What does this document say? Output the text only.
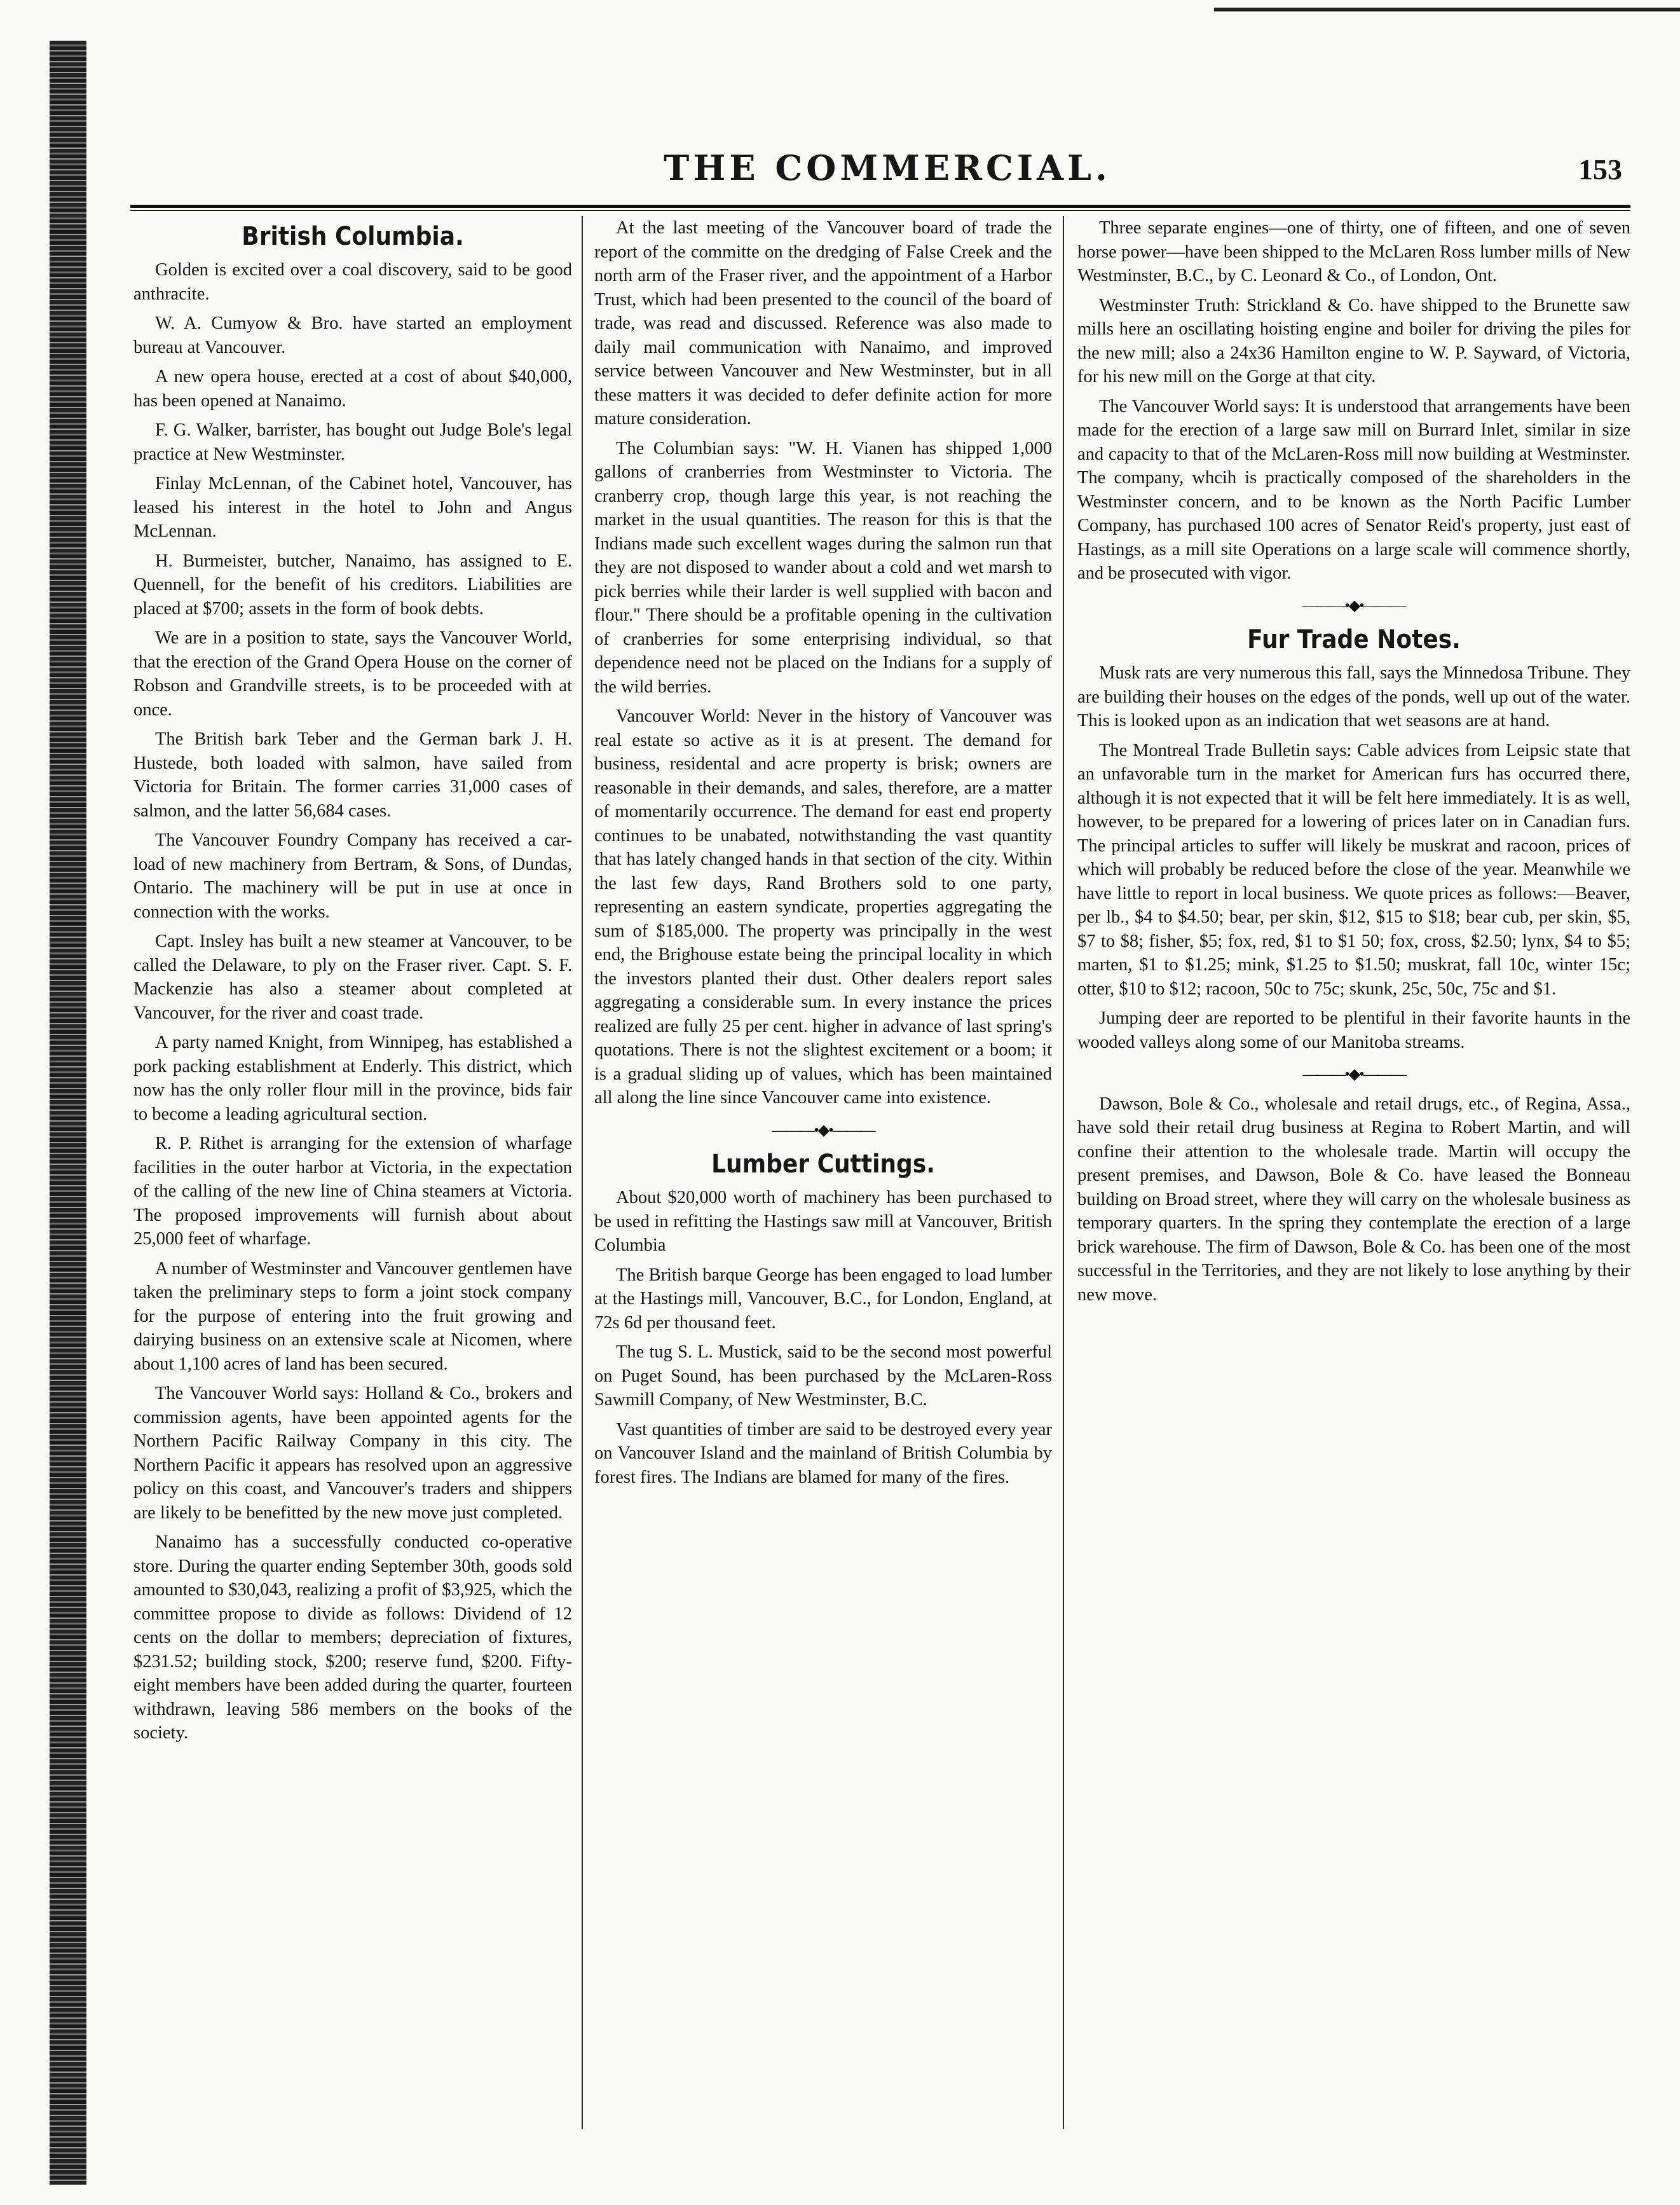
THE COMMERCIAL.	153
British Columbia.

Golden is excited over a coal discovery, said to be good anthracite.

W. A. Cumyow & Bro. have started an employment bureau at Vancouver.

A new opera house, erected at a cost of about $40,000, has been opened at Nanaimo.

F. G. Walker, barrister, has bought out Judge Bole's legal practice at New Westminster.

Finlay McLennan, of the Cabinet hotel, Vancouver, has leased his interest in the hotel to John and Angus McLennan.

H. Burmeister, butcher, Nanaimo, has assigned to E. Quennell, for the benefit of his creditors. Liabilities are placed at $700; assets in the form of book debts.

We are in a position to state, says the Vancouver World, that the erection of the Grand Opera House on the corner of Robson and Grandville streets, is to be proceeded with at once.

The British bark Teber and the German bark J. H. Hustede, both loaded with salmon, have sailed from Victoria for Britain. The former carries 31,000 cases of salmon, and the latter 56,684 cases.

The Vancouver Foundry Company has received a car-load of new machinery from Bertram, & Sons, of Dundas, Ontario. The machinery will be put in use at once in connection with the works.

Capt. Insley has built a new steamer at Vancouver, to be called the Delaware, to ply on the Fraser river. Capt. S. F. Mackenzie has also a steamer about completed at Vancouver, for the river and coast trade.

A party named Knight, from Winnipeg, has established a pork packing establishment at Enderly. This district, which now has the only roller flour mill in the province, bids fair to become a leading agricultural section.

R. P. Rithet is arranging for the extension of wharfage facilities in the outer harbor at Victoria, in the expectation of the calling of the new line of China steamers at Victoria. The proposed improvements will furnish about about 25,000 feet of wharfage.

A number of Westminster and Vancouver gentlemen have taken the preliminary steps to form a joint stock company for the purpose of entering into the fruit growing and dairying business on an extensive scale at Nicomen, where about 1,100 acres of land has been secured.

The Vancouver World says: Holland & Co., brokers and commission agents, have been appointed agents for the Northern Pacific Railway Company in this city. The Northern Pacific it appears has resolved upon an aggressive policy on this coast, and Vancouver's traders and shippers are likely to be benefitted by the new move just completed.

Nanaimo has a successfully conducted co-operative store. During the quarter ending September 30th, goods sold amounted to $30,043, realizing a profit of $3,925, which the committee propose to divide as follows: Dividend of 12 cents on the dollar to members; depreciation of fixtures, $231.52; building stock, $200; reserve fund, $200. Fifty-eight members have been added during the quarter, fourteen withdrawn, leaving 586 members on the books of the society.

At the last meeting of the Vancouver board of trade the report of the committe on the dredging of False Creek and the north arm of the Fraser river, and the appointment of a Harbor Trust, which had been presented to the council of the board of trade, was read and discussed. Reference was also made to daily mail communication with Nanaimo, and improved service between Vancouver and New Westminster, but in all these matters it was decided to defer definite action for more mature consideration.

The Columbian says: "W. H. Vianen has shipped 1,000 gallons of cranberries from Westminster to Victoria. The cranberry crop, though large this year, is not reaching the market in the usual quantities. The reason for this is that the Indians made such excellent wages during the salmon run that they are not disposed to wander about a cold and wet marsh to pick berries while their larder is well supplied with bacon and flour." There should be a profitable opening in the cultivation of cranberries for some enterprising individual, so that dependence need not be placed on the Indians for a supply of the wild berries.

Vancouver World: Never in the history of Vancouver was real estate so active as it is at present. The demand for business, residental and acre property is brisk; owners are reasonable in their demands, and sales, therefore, are a matter of momentarily occurrence. The demand for east end property continues to be unabated, notwithstanding the vast quantity that has lately changed hands in that section of the city. Within the last few days, Rand Brothers sold to one party, representing an eastern syndicate, properties aggregating the sum of $185,000. The property was principally in the west end, the Brighouse estate being the principal locality in which the investors planted their dust. Other dealers report sales aggregating a considerable sum. In every instance the prices realized are fully 25 per cent. higher in advance of last spring's quotations. There is not the slightest excitement or a boom; it is a gradual sliding up of values, which has been maintained all along the line since Vancouver came into existence.

———•◆•———
Lumber Cuttings.

About $20,000 worth of machinery has been purchased to be used in refitting the Hastings saw mill at Vancouver, British Columbia

The British barque George has been engaged to load lumber at the Hastings mill, Vancouver, B.C., for London, England, at 72s 6d per thousand feet.

The tug S. L. Mustick, said to be the second most powerful on Puget Sound, has been purchased by the McLaren-Ross Sawmill Company, of New Westminster, B.C.

Vast quantities of timber are said to be destroyed every year on Vancouver Island and the mainland of British Columbia by forest fires. The Indians are blamed for many of the fires.

Three separate engines—one of thirty, one of fifteen, and one of seven horse power—have been shipped to the McLaren Ross lumber mills of New Westminster, B.C., by C. Leonard & Co., of London, Ont.

Westminster Truth: Strickland & Co. have shipped to the Brunette saw mills here an oscillating hoisting engine and boiler for driving the piles for the new mill; also a 24x36 Hamilton engine to W. P. Sayward, of Victoria, for his new mill on the Gorge at that city.

The Vancouver World says: It is understood that arrangements have been made for the erection of a large saw mill on Burrard Inlet, similar in size and capacity to that of the McLaren-Ross mill now building at Westminster. The company, whcih is practically composed of the shareholders in the Westminster concern, and to be known as the North Pacific Lumber Company, has purchased 100 acres of Senator Reid's property, just east of Hastings, as a mill site Operations on a large scale will commence shortly, and be prosecuted with vigor.

———•◆•———
Fur Trade Notes.

Musk rats are very numerous this fall, says the Minnedosa Tribune. They are building their houses on the edges of the ponds, well up out of the water. This is looked upon as an indication that wet seasons are at hand.

The Montreal Trade Bulletin says: Cable advices from Leipsic state that an unfavorable turn in the market for American furs has occurred there, although it is not expected that it will be felt here immediately. It is as well, however, to be prepared for a lowering of prices later on in Canadian furs. The principal articles to suffer will likely be muskrat and racoon, prices of which will probably be reduced before the close of the year. Meanwhile we have little to report in local business. We quote prices as follows:—Beaver, per lb., $4 to $4.50; bear, per skin, $12, $15 to $18; bear cub, per skin, $5, $7 to $8; fisher, $5; fox, red, $1 to $1 50; fox, cross, $2.50; lynx, $4 to $5; marten, $1 to $1.25; mink, $1.25 to $1.50; muskrat, fall 10c, winter 15c; otter, $10 to $12; racoon, 50c to 75c; skunk, 25c, 50c, 75c and $1.

Jumping deer are reported to be plentiful in their favorite haunts in the wooded valleys along some of our Manitoba streams.

———•◆•———

Dawson, Bole & Co., wholesale and retail drugs, etc., of Regina, Assa., have sold their retail drug business at Regina to Robert Martin, and will confine their attention to the wholesale trade. Martin will occupy the present premises, and Dawson, Bole & Co. have leased the Bonneau building on Broad street, where they will carry on the wholesale business as temporary quarters. In the spring they contemplate the erection of a large brick warehouse. The firm of Dawson, Bole & Co. has been one of the most successful in the Territories, and they are not likely to lose anything by their new move.
